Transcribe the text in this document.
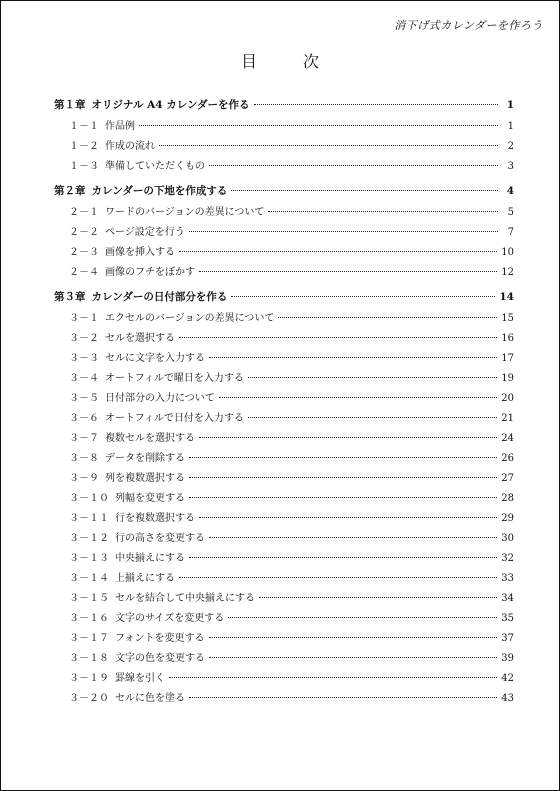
消下げ式カレンダーを作ろう
目次
第１章 オリジナル A4 カレンダーを作る	1
１－１ 作品例	1
１－２ 作成の流れ	2
１－３ 準備していただくもの	3
第２章 カレンダーの下地を作成する	4
２－１ ワードのバージョンの差異について	5
２－２ ページ設定を行う	7
２－３ 画像を挿入する	10
２－４ 画像のフチをぼかす	12
第３章 カレンダーの日付部分を作る	14
３－１ エクセルのバージョンの差異について	15
３－２ セルを選択する	16
３－３ セルに文字を入力する	17
３－４ オートフィルで曜日を入力する	19
３－５ 日付部分の入力について	20
３－６ オートフィルで日付を入力する	21
３－７ 複数セルを選択する	24
３－８ データを削除する	26
３－９ 列を複数選択する	27
３－１０ 列幅を変更する	28
３－１１ 行を複数選択する	29
３－１２ 行の高さを変更する	30
３－１３ 中央揃えにする	32
３－１４ 上揃えにする	33
３－１５ セルを結合して中央揃えにする	34
３－１６ 文字のサイズを変更する	35
３－１７ フォントを変更する	37
３－１８ 文字の色を変更する	39
３－１９ 罫線を引く	42
３－２０ セルに色を塗る	43
